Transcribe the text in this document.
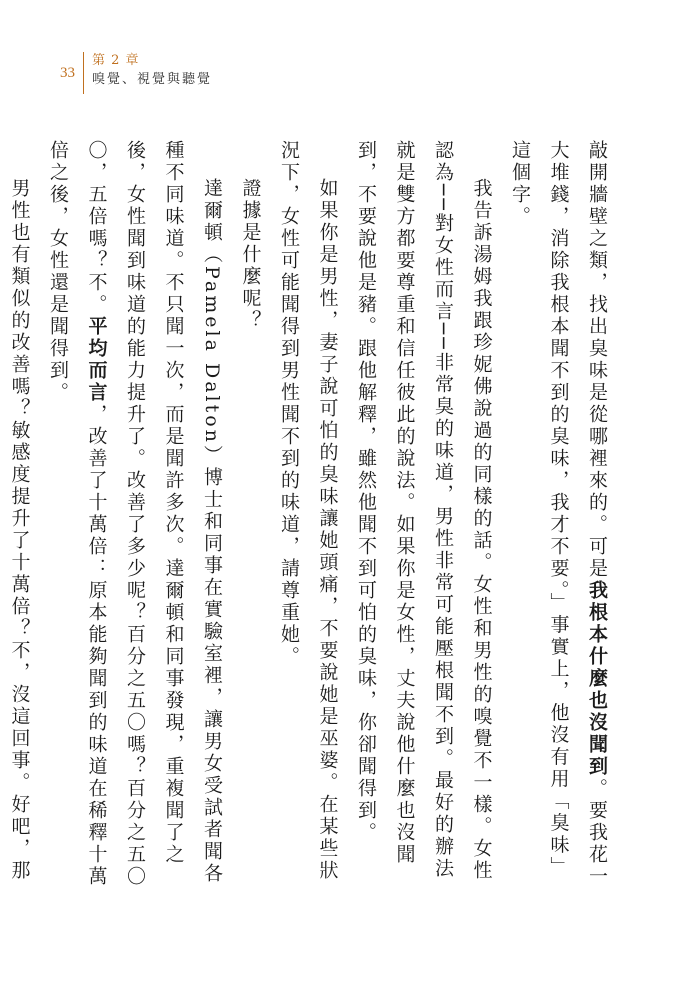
33
第 2 章
嗅覺、視覺與聽覺

敲開牆壁之類，找出臭味是從哪裡來的。可是我根本什麼也沒聞到。要我花一大堆錢，消除我根本聞不到的臭味，我才不要。」事實上，他沒有用「臭味」這個字。

我告訴湯姆我跟珍妮佛說過的同樣的話。女性和男性的嗅覺不一樣。女性認為──對女性而言──非常臭的味道，男性非常可能壓根聞不到。最好的辦法就是雙方都要尊重和信任彼此的說法。如果你是女性，丈夫說他什麼也沒聞到，不要說他是豬。跟他解釋，雖然他聞不到可怕的臭味，你卻聞得到。

如果你是男性，妻子說可怕的臭味讓她頭痛，不要說她是巫婆。在某些狀況下，女性可能聞得到男性聞不到的味道，請尊重她。

證據是什麼呢？

達爾頓（Pamela Dalton）博士和同事在實驗室裡，讓男女受試者聞各種不同味道。不只聞一次，而是聞許多次。達爾頓和同事發現，重複聞了之後，女性聞到味道的能力提升了。改善了多少呢？百分之五〇嗎？百分之五〇〇，五倍嗎？不。平均而言，改善了十萬倍：原本能夠聞到的味道在稀釋十萬倍之後，女性還是聞得到。

男性也有類似的改善嗎？敏感度提升了十萬倍？不，沒這回事。好吧，那
